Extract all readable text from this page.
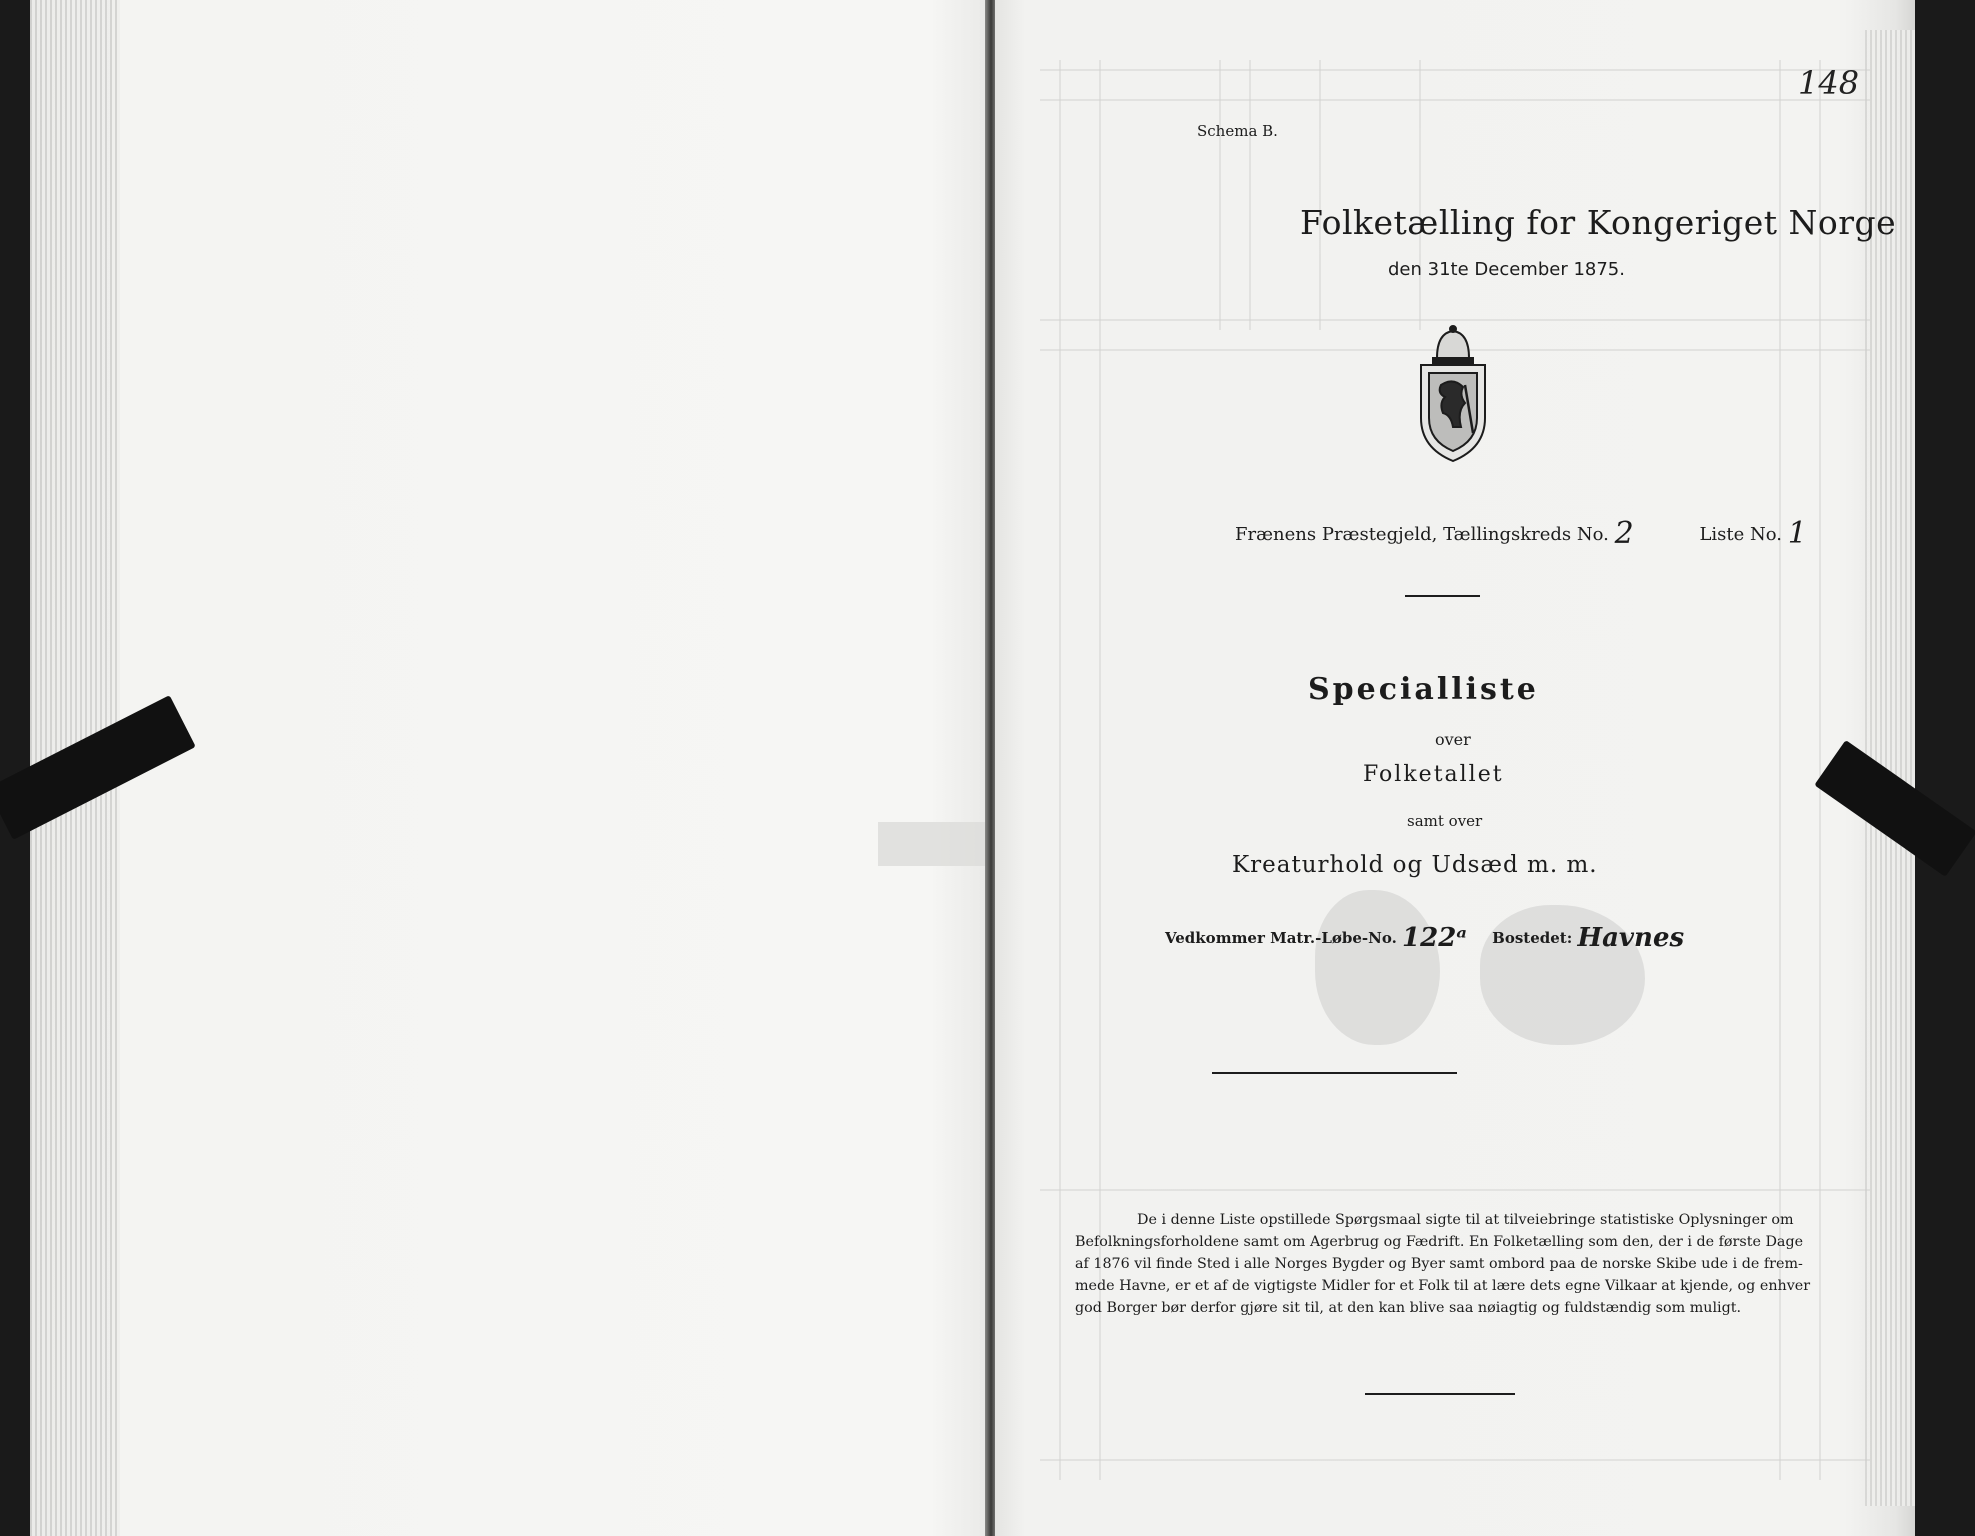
Schema B.
148
Folketælling for Kongeriget Norge
den 31te December 1875.
Frænens Præstegjeld, Tællingskreds No. 2	Liste No. 1
Specialliste
over
Folketallet
samt over
Kreaturhold og Udsæd m. m.
Vedkommer Matr.-Løbe-No. 122ᵃ Bostedet: Havnes
De i denne Liste opstillede Spørgsmaal sigte til at tilveiebringe statistiske Oplysninger om
Befolkningsforholdene samt om Agerbrug og Fædrift. En Folketælling som den, der i de første Dage
af 1876 vil finde Sted i alle Norges Bygder og Byer samt ombord paa de norske Skibe ude i de frem-
mede Havne, er et af de vigtigste Midler for et Folk til at lære dets egne Vilkaar at kjende, og enhver
god Borger bør derfor gjøre sit til, at den kan blive saa nøiagtig og fuldstændig som muligt.
